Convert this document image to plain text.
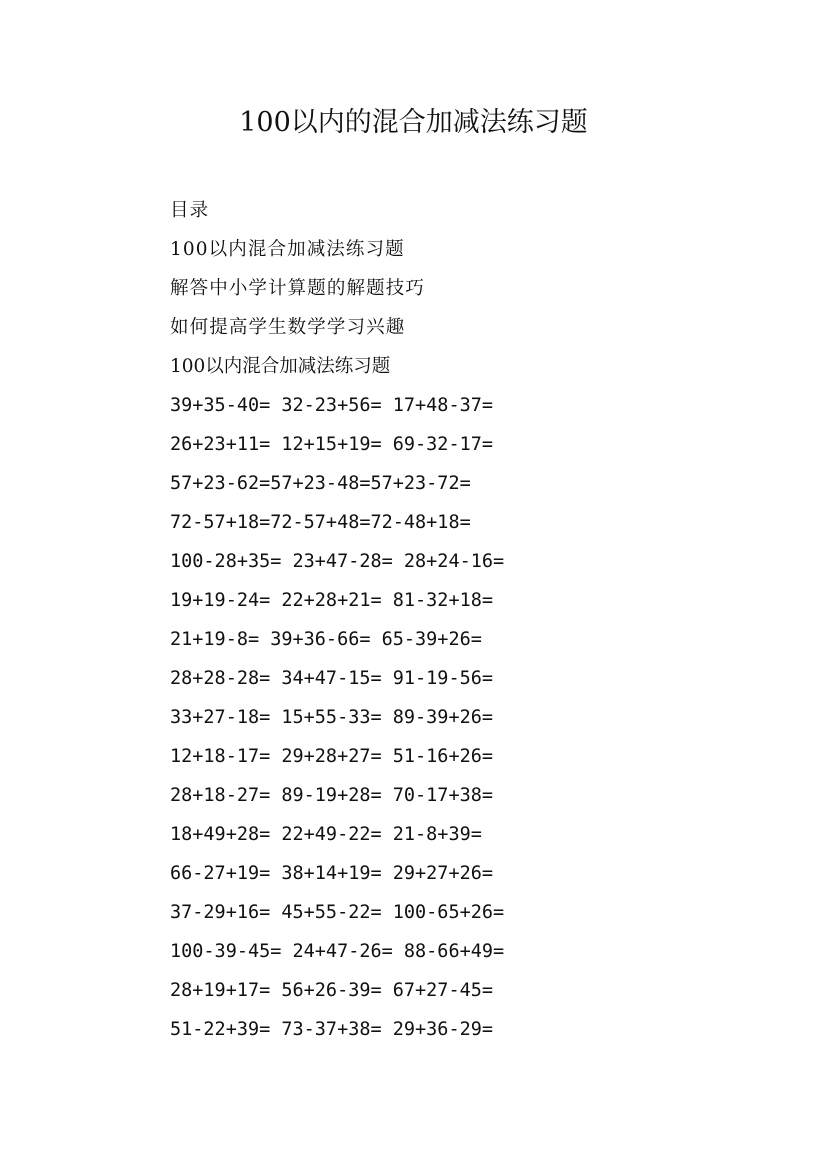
100以内的混合加减法练习题
目录
100以内混合加减法练习题
解答中小学计算题的解题技巧
如何提高学生数学学习兴趣
100以内混合加减法练习题
39+35-40= 32-23+56= 17+48-37=
26+23+11= 12+15+19= 69-32-17=
57+23-62=57+23-48=57+23-72=
72-57+18=72-57+48=72-48+18=
100-28+35= 23+47-28= 28+24-16=
19+19-24= 22+28+21= 81-32+18=
21+19-8= 39+36-66= 65-39+26=
28+28-28= 34+47-15= 91-19-56=
33+27-18= 15+55-33= 89-39+26=
12+18-17= 29+28+27= 51-16+26=
28+18-27= 89-19+28= 70-17+38=
18+49+28= 22+49-22= 21-8+39=
66-27+19= 38+14+19= 29+27+26=
37-29+16= 45+55-22= 100-65+26=
100-39-45= 24+47-26= 88-66+49=
28+19+17= 56+26-39= 67+27-45=
51-22+39= 73-37+38= 29+36-29=
